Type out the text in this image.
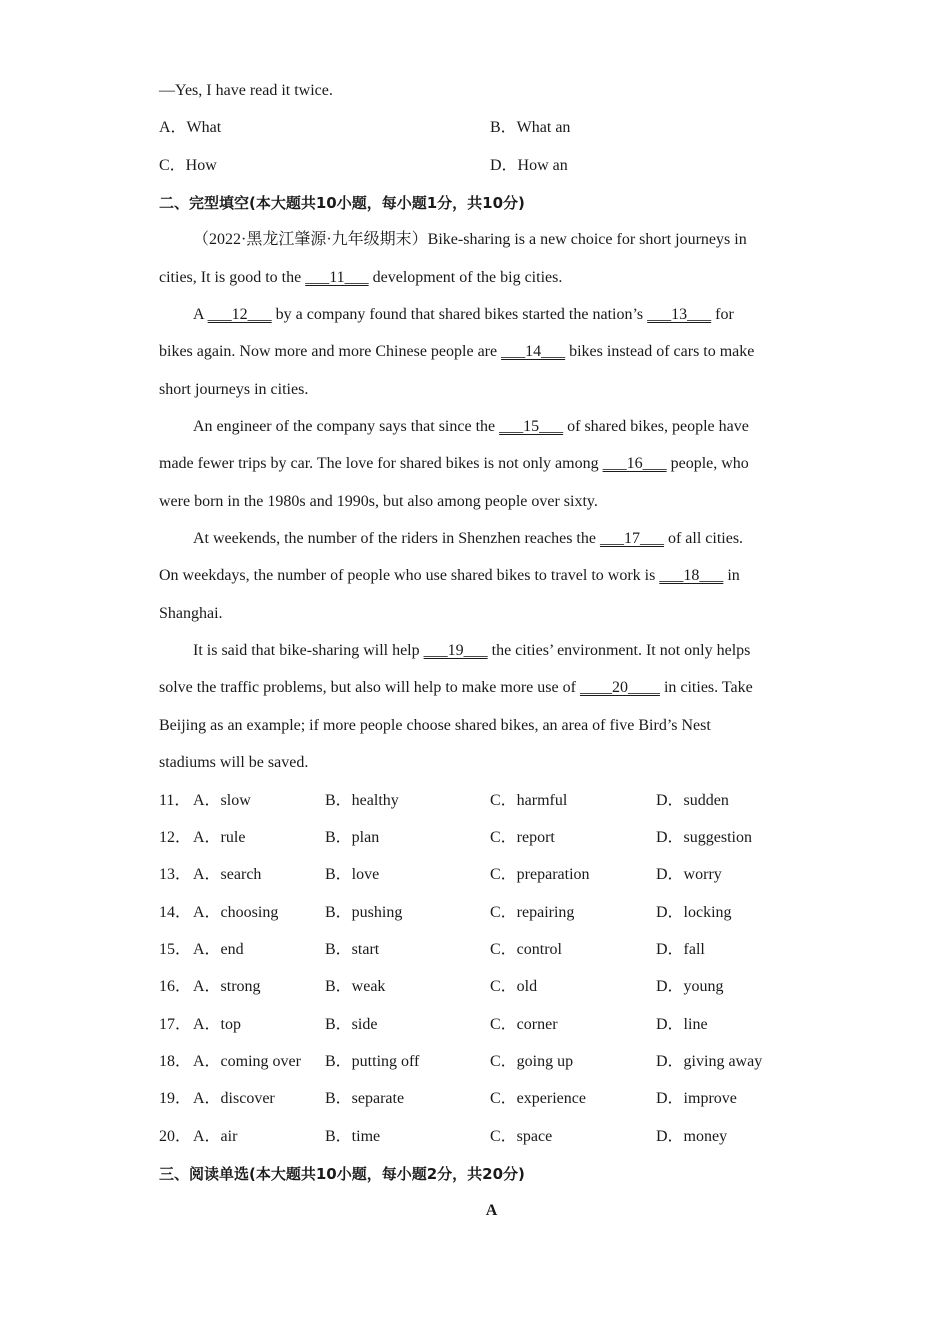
—Yes, I have read it twice.
A．What	B．What an
C．How	D．How an
二、完型填空(本大题共10小题，每小题1分，共10分)
（2022·黑龙江肇源·九年级期末）Bike-sharing is a new choice for short journeys in
cities, It is good to the ___11___ development of the big cities.
A ___12___ by a company found that shared bikes started the nation’s ___13___ for
bikes again. Now more and more Chinese people are ___14___ bikes instead of cars to make
short journeys in cities.
An engineer of the company says that since the ___15___ of shared bikes, people have
made fewer trips by car. The love for shared bikes is not only among ___16___ people, who
were born in the 1980s and 1990s, but also among people over sixty.
At weekends, the number of the riders in Shenzhen reaches the ___17___ of all cities.
On weekdays, the number of people who use shared bikes to travel to work is ___18___ in
Shanghai.
It is said that bike-sharing will help ___19___ the cities’ environment. It not only helps
solve the traffic problems, but also will help to make more use of ____20____ in cities. Take
Beijing as an example; if more people choose shared bikes, an area of five Bird’s Nest
stadiums will be saved.
11． A．slow	B．healthy	C．harmful	D．sudden
12． A．rule	B．plan	C．report	D．suggestion
13． A．search	B．love	C．preparation	D．worry
14． A．choosing	B．pushing	C．repairing	D．locking
15． A．end	B．start	C．control	D．fall
16． A．strong	B．weak	C．old	D．young
17． A．top	B．side	C．corner	D．line
18． A．coming over B．putting off	C．going up	D．giving away
19． A．discover	B．separate	C．experience	D．improve
20． A．air	B．time	C．space	D．money
三、阅读单选(本大题共10小题，每小题2分，共20分)
A
